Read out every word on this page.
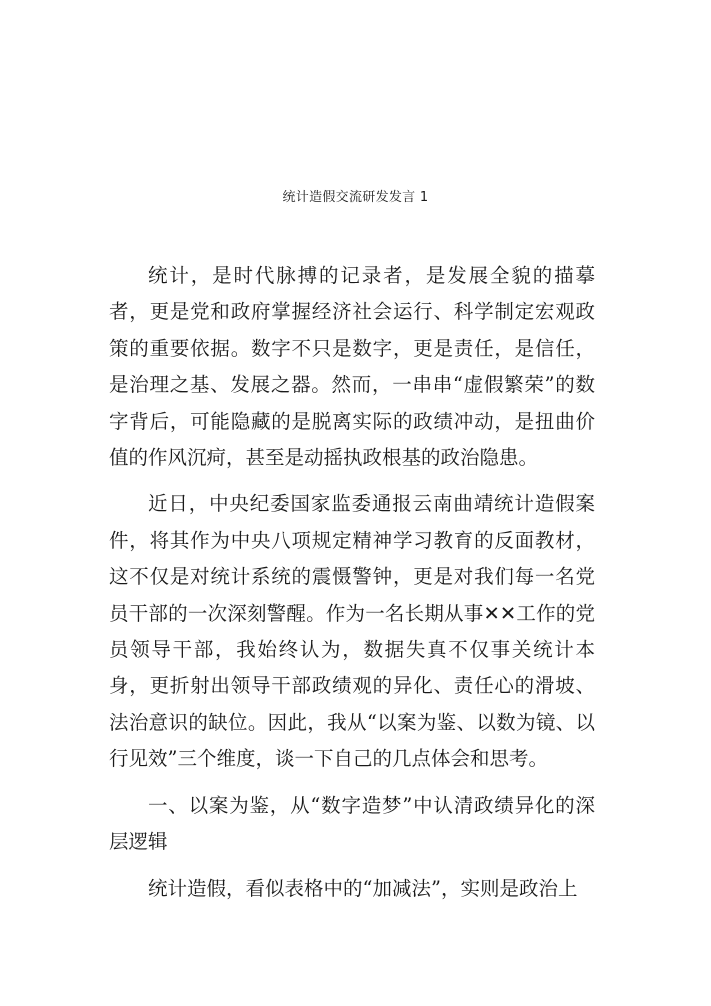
统计造假交流研发发言 1

统计，是时代脉搏的记录者，是发展全貌的描摹者，更是党和政府掌握经济社会运行、科学制定宏观政策的重要依据。数字不只是数字，更是责任，是信任，是治理之基、发展之器。然而，一串串“虚假繁荣”的数字背后，可能隐藏的是脱离实际的政绩冲动，是扭曲价值的作风沉疴，甚至是动摇执政根基的政治隐患。

近日，中央纪委国家监委通报云南曲靖统计造假案件，将其作为中央八项规定精神学习教育的反面教材，这不仅是对统计系统的震慑警钟，更是对我们每一名党员干部的一次深刻警醒。作为一名长期从事✕✕工作的党员领导干部，我始终认为，数据失真不仅事关统计本身，更折射出领导干部政绩观的异化、责任心的滑坡、法治意识的缺位。因此，我从“以案为鉴、以数为镜、以行见效”三个维度，谈一下自己的几点体会和思考。

一、以案为鉴，从“数字造梦”中认清政绩异化的深层逻辑

统计造假，看似表格中的“加减法”，实则是政治上
